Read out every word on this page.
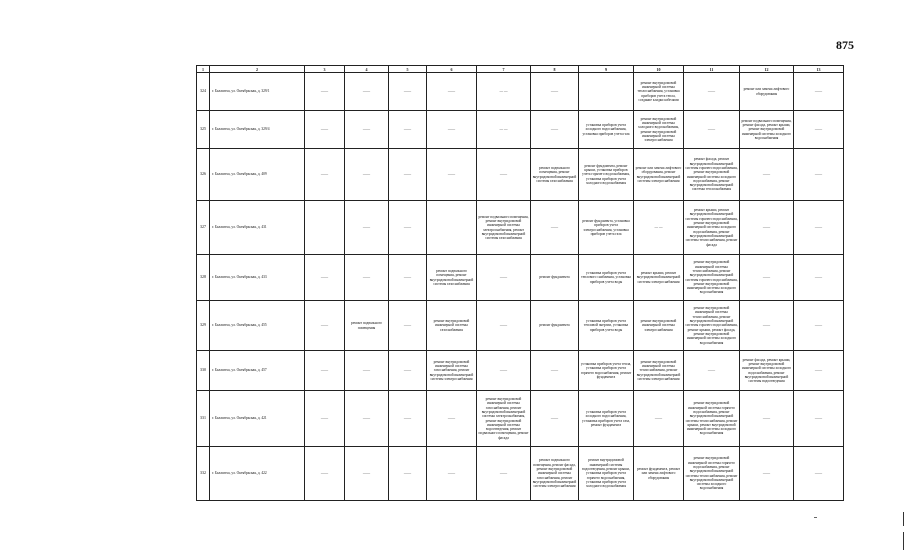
875
1	2	3	4	5	6	7	8	9	10	11	12	13
324	г. Балаштха, ул. Октябрьская, д. 329/1	——	——	——	——	— —	——		ремонт внутридомовой инженерной системы теплоснабжения, установка приборов учета тепла, создание кладки кабелями	——	ремонт или замена лифтового оборудования	——
325	г. Балаштха, ул. Октябрьская, д. 329/4	——	——	——	——	— —	——	установка приборов учета холодного водоснабжения, установка приборов учета газа	ремонт внутридомовой инженерной системы холодного водоснабжения, ремонт внутридомовой инженерной системы электроснабжения	——	ремонт подвального помещения, ремонт фасада, ремонт крыши, ремонт внутридомовой инженерной системы холодного водоснабжения	——
326	г. Балаштха, ул. Октябрьская, д. 409	——	——	——	——	——	ремонт подвального помещения, ремонт внутридомовой инженерной системы газоснабжения	ремонт фундамента, ремонт крыши, установка приборов учета горячего водоснабжения, установка приборов учета холодного водоснабжения	ремонт или замена лифтового оборудования, ремонт внутридомовой инженерной системы электроснабжения	ремонт фасада, ремонт внутридомовой инженерной системы горячего водоснабжения, ремонт внутридомовой инженерной системы холодного водоснабжения, ремонт внутридомовой инженерной системы теплоснабжения	——	——
327	г. Балаштха, ул. Октябрьская, д. 431		——	——		ремонт подвального помещения, ремонт внутридомовой инженерной системы электроснабжения, ремонт внутридомовой инженерной системы газоснабжения	——	ремонт фундамента, установка приборов учета электроснабжения, установка приборов учета газа	— —	ремонт крыши, ремонт внутридомовой инженерной системы горячего водоснабжения, ремонт внутридомовой инженерной системы холодного водоснабжения, ремонт внутридомовой инженерной системы теплоснабжения, ремонт фасада	——	——
328	г. Балаштха, ул. Октябрьская, д. 433	——	——	——	ремонт подвального помещения, ремонт внутридомовой инженерной системы газоснабжения	——	ремонт фундамента	установка приборов учета теплового снабжения, установка приборов учета воды	ремонт крыши, ремонт внутридомовой инженерной системы электроснабжения	ремонт внутридомовой инженерной системы теплоснабжения, ремонт внутридомовой инженерной системы горячего водоснабжения, ремонт внутридомовой инженерной системы холодного водоснабжения	——	——
329	г. Балаштха, ул. Октябрьская, д. 455	——	ремонт подвального помещения	——	ремонт внутридомовой инженерной системы газоснабжения	——	ремонт фундамента	установка приборов учета тепловой энергии, установка приборов учета воды	ремонт внутридомовой инженерной системы электроснабжения	ремонт внутридомовой инженерной системы теплоснабжения, ремонт внутридомовой инженерной системы горячего водоснабжения, ремонт крыши, ремонт фасада, ремонт внутридомовой инженерной системы холодного водоснабжения	——	——
330	г. Балаштха, ул. Октябрьская, д. 457	——	——	——	ремонт внутридомовой инженерной системы газоснабжения, ремонт внутридомовой инженерной системы электроснабжения	——	——	установка приборов учета тепла, установка приборов учета горячего водоснабжения, ремонт фундамента	ремонт внутридомовой инженерной системы теплоснабжения, ремонт внутридомовой инженерной системы электроснабжения	——	ремонт фасада, ремонт крыши, ремонт внутридомовой инженерной системы холодного водоснабжения, ремонт внутридомовой инженерной системы водоотведения	——
331	г. Балаштха, ул. Октябрьская, д. 421	——	——	——	——	ремонт внутридомовой инженерной системы газоснабжения, ремонт внутридомовой инженерной системы электроснабжения, ремонт внутридомовой инженерной системы водоотведения, ремонт подвального помещения, ремонт фасада	——	установка приборов учета холодного водоснабжения, установка приборов учета газа, ремонт фундамента	——	ремонт внутридомовой инженерной системы горячего водоснабжения, ремонт внутридомовой инженерной системы теплоснабжения, ремонт крыши, ремонт внутридомовой инженерной системы холодного водоснабжения	——	——
332	г. Балаштха, ул. Октябрьская, д. 422	——	——	——	——	——	ремонт подвального помещения, ремонт фасада, ремонт внутридомовой инженерной системы газоснабжения, ремонт внутридомовой инженерной системы электроснабжения	ремонт внутридомовой инженерной системы водоотведения, ремонт крыши, установка приборов учета горячего водоснабжения, установка приборов учета холодного водоснабжения	ремонт фундамента, ремонт или замена лифтового оборудования	ремонт внутридомовой инженерной системы горячего водоснабжения, ремонт внутридомовой инженерной системы теплоснабжения, ремонт внутридомовой инженерной системы холодного водоснабжения	——	——
